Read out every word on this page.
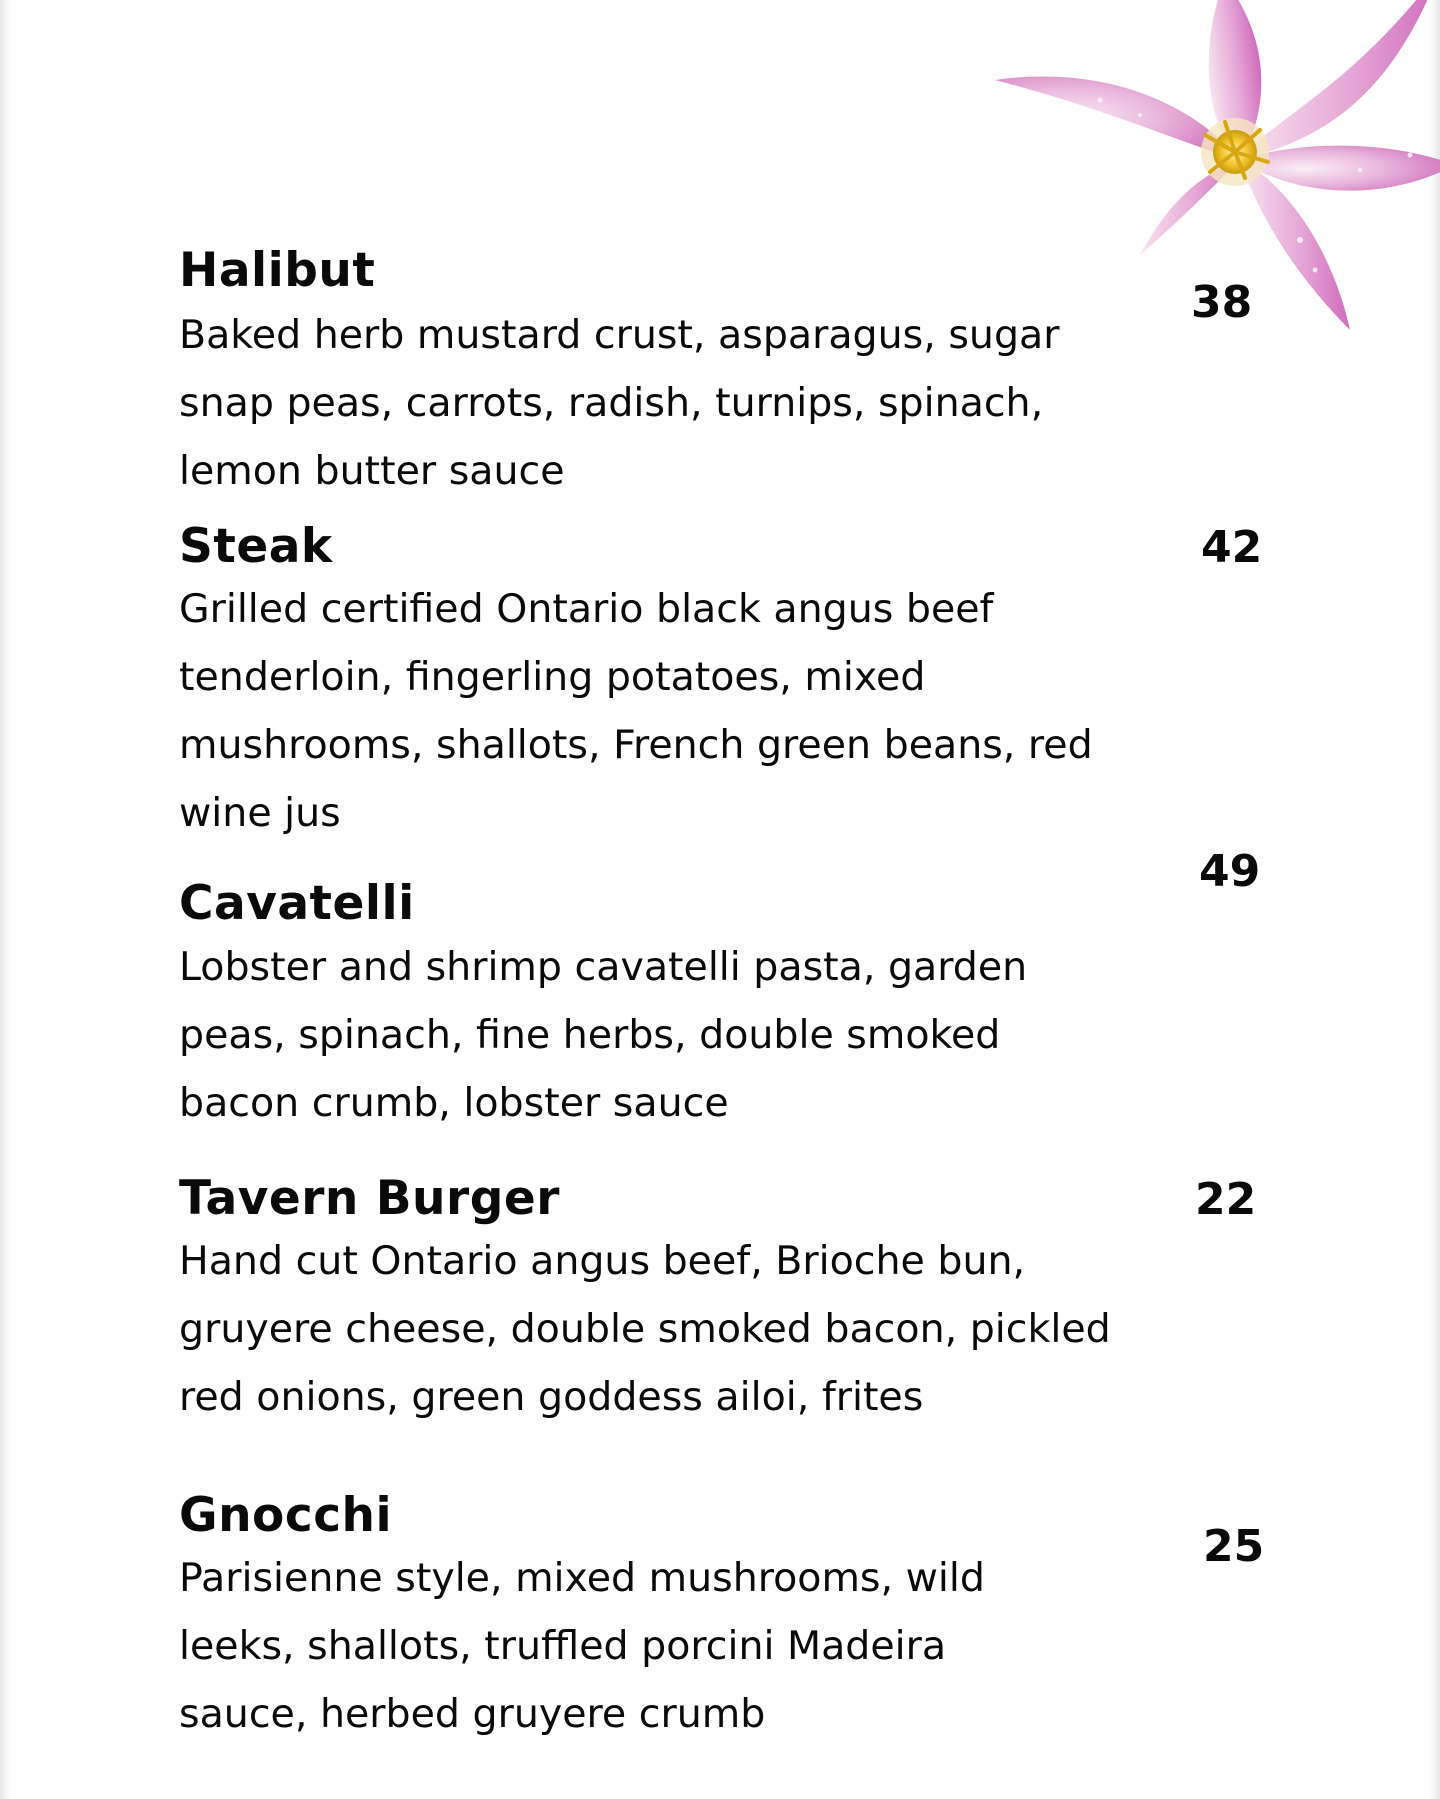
Halibut

Baked herb mustard crust, asparagus, sugar snap peas, carrots, radish, turnips, spinach, lemon butter sauce

38
Steak

Grilled certified Ontario black angus beef tenderloin, fingerling potatoes, mixed mushrooms, shallots, French green beans, red wine jus

42
Cavatelli

Lobster and shrimp cavatelli pasta, garden peas, spinach, fine herbs, double smoked bacon crumb, lobster sauce

49
Tavern Burger

Hand cut Ontario angus beef, Brioche bun, gruyere cheese, double smoked bacon, pickled red onions, green goddess ailoi, frites

22
Gnocchi

Parisienne style, mixed mushrooms, wild leeks, shallots, truffled porcini Madeira sauce, herbed gruyere crumb

25
